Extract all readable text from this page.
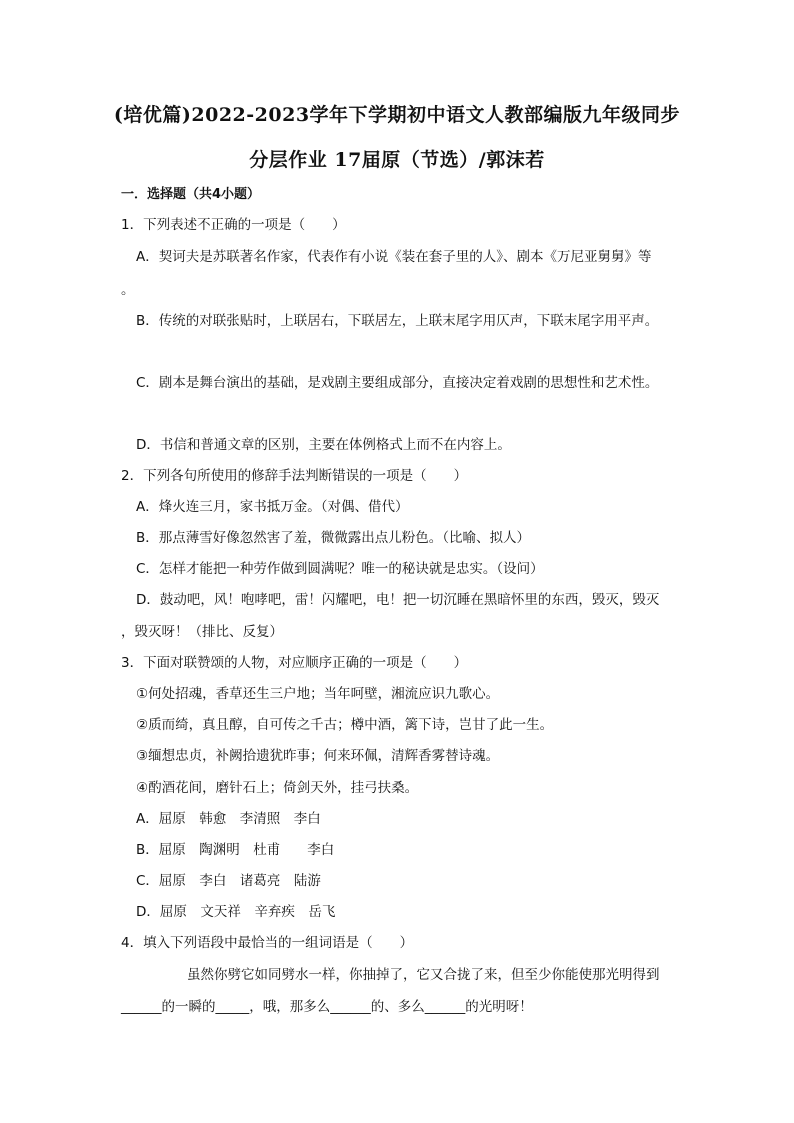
(培优篇)2022-2023学年下学期初中语文人教部编版九年级同步
分层作业 17届原（节选）/郭沫若
一．选择题（共4小题）
1．下列表述不正确的一项是（　　）
A．契诃夫是苏联著名作家，代表作有小说《装在套子里的人》、剧本《万尼亚舅舅》等
。
B．传统的对联张贴时，上联居右，下联居左，上联末尾字用仄声，下联末尾字用平声。
C．剧本是舞台演出的基础，是戏剧主要组成部分，直接决定着戏剧的思想性和艺术性。
D．书信和普通文章的区别，主要在体例格式上而不在内容上。
2．下列各句所使用的修辞手法判断错误的一项是（　　）
A．烽火连三月，家书抵万金。（对偶、借代）
B．那点薄雪好像忽然害了羞，微微露出点儿粉色。（比喻、拟人）
C．怎样才能把一种劳作做到圆满呢？唯一的秘诀就是忠实。（设问）
D．鼓动吧，风！咆哮吧，雷！闪耀吧，电！把一切沉睡在黑暗怀里的东西，毁灭，毁灭
，毁灭呀！（排比、反复）
3．下面对联赞颂的人物，对应顺序正确的一项是（　　）
①何处招魂，香草还生三户地；当年呵壁，湘流应识九歌心。
②质而绮，真且醇，自可传之千古；樽中酒，篱下诗，岂甘了此一生。
③缅想忠贞，补阙拾遗犹昨事；何来环佩，清辉香雾替诗魂。
④酌酒花间，磨针石上；倚剑天外，挂弓扶桑。
A．屈原　韩愈　李清照　李白
B．屈原　陶渊明　杜甫　　李白
C．屈原　李白　诸葛亮　陆游
D．屈原　文天祥　辛弃疾　岳飞
4．填入下列语段中最恰当的一组词语是（　　）
虽然你劈它如同劈水一样，你抽掉了，它又合拢了来，但至少你能使那光明得到
______的一瞬的_____，哦，那多么______的、多么______的光明呀！
